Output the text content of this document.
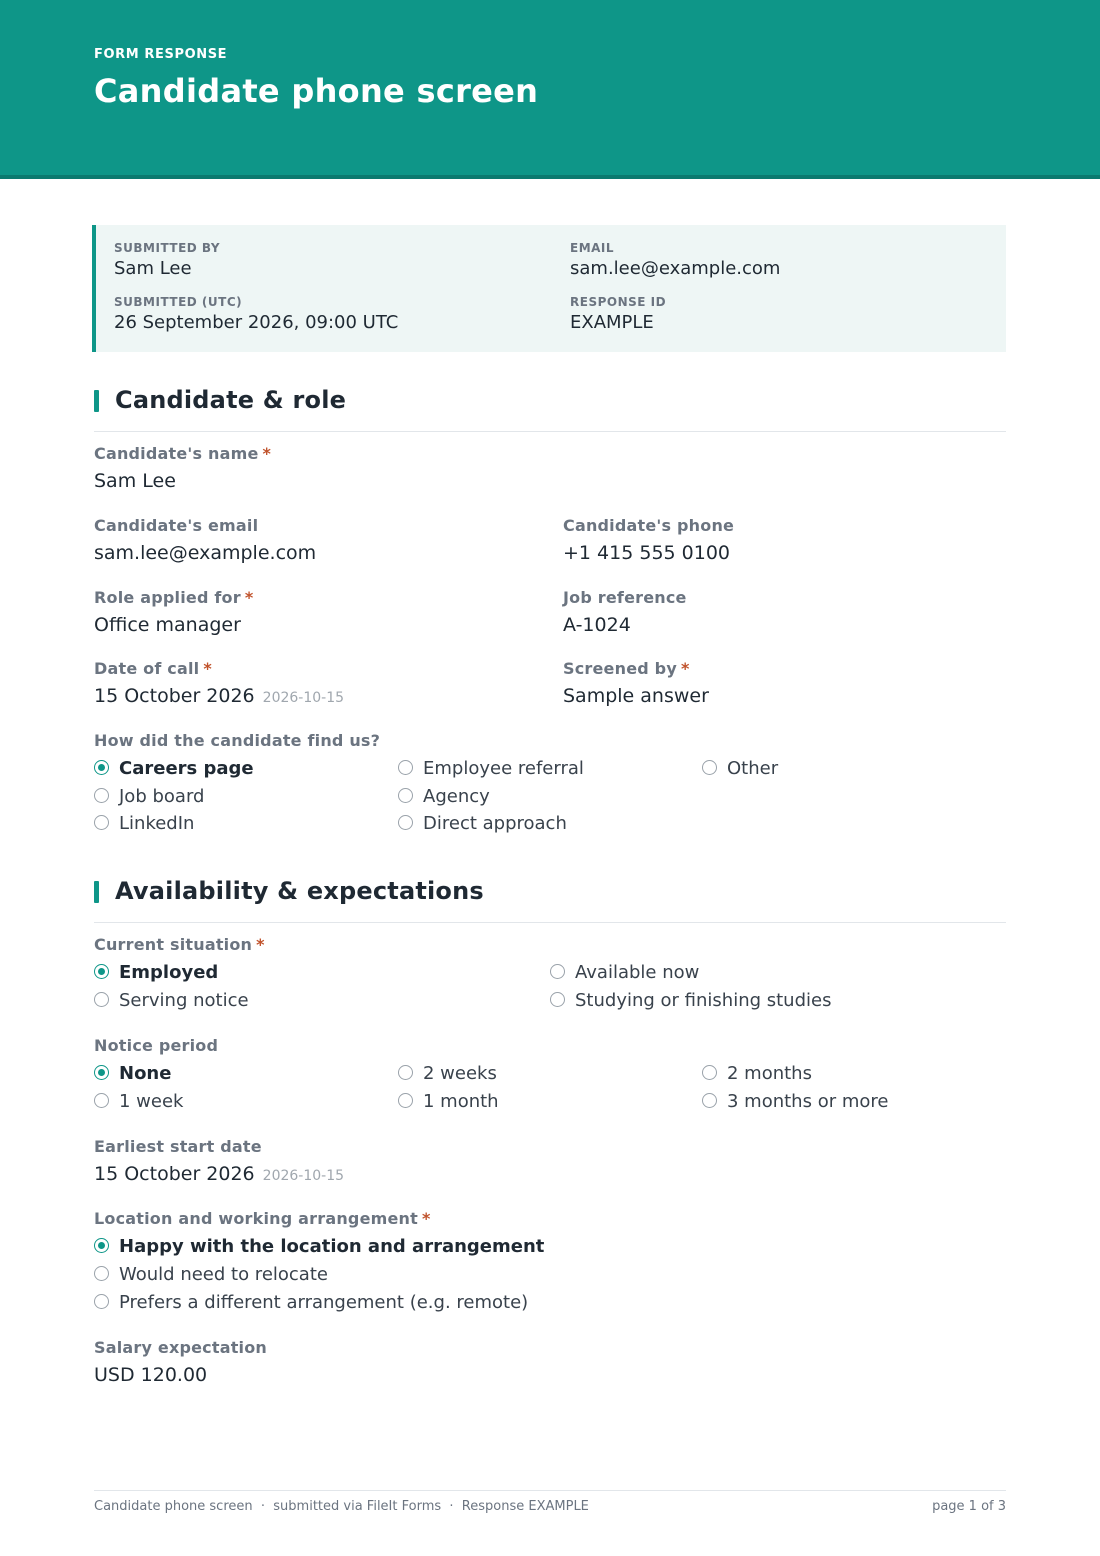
FORM RESPONSE
Candidate phone screen
SUBMITTED BY
Sam Lee
EMAIL
sam.lee@example.com
SUBMITTED (UTC)
26 September 2026, 09:00 UTC
RESPONSE ID
EXAMPLE
Candidate & role
Candidate's name *
Sam Lee
Candidate's email
sam.lee@example.com
Candidate's phone
+1 415 555 0100
Role applied for *
Office manager
Job reference
A-1024
Date of call *
15 October 2026 2026-10-15
Screened by *
Sample answer
How did the candidate find us?
Careers page
Job board
LinkedIn
Employee referral
Agency
Direct approach
Other
Availability & expectations
Current situation *
Employed
Serving notice
Available now
Studying or finishing studies
Notice period
None
1 week
2 weeks
1 month
2 months
3 months or more
Earliest start date
15 October 2026 2026-10-15
Location and working arrangement *
Happy with the location and arrangement
Would need to relocate
Prefers a different arrangement (e.g. remote)
Salary expectation
USD 120.00
Candidate phone screen  ·  submitted via FileIt Forms  ·  Response EXAMPLE	page 1 of 3
